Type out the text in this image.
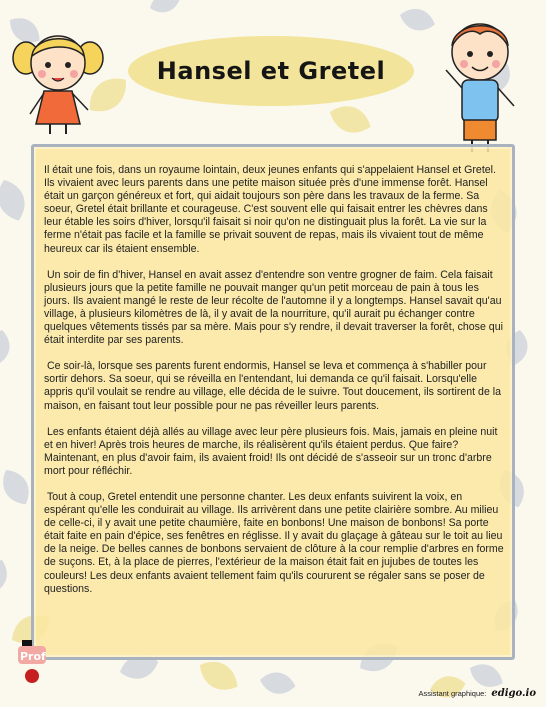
Hansel et Gretel

Il était une fois, dans un royaume lointain, deux jeunes enfants qui s'appelaient Hansel et Gretel. Ils vivaient avec leurs parents dans une petite maison située près d'une immense forêt. Hansel était un garçon généreux et fort, qui aidait toujours son père dans les travaux de la ferme. Sa soeur, Gretel était brillante et courageuse. C'est souvent elle qui faisait entrer les chèvres dans leur étable les soirs d'hiver, lorsqu'il faisait si noir qu'on ne distinguait plus la forêt. La vie sur la ferme n'était pas facile et la famille se privait souvent de repas, mais ils vivaient tout de même heureux car ils étaient ensemble.

Un soir de fin d'hiver, Hansel en avait assez d'entendre son ventre grogner de faim. Cela faisait plusieurs jours que la petite famille ne pouvait manger qu'un petit morceau de pain à tous les jours. Ils avaient mangé le reste de leur récolte de l'automne il y a longtemps. Hansel savait qu'au village, à plusieurs kilomètres de là, il y avait de la nourriture, qu'il aurait pu échanger contre quelques vêtements tissés par sa mère. Mais pour s'y rendre, il devait traverser la forêt, chose qui était interdite par ses parents.

Ce soir-là, lorsque ses parents furent endormis, Hansel se leva et commença à s'habiller pour sortir dehors. Sa soeur, qui se réveilla en l'entendant, lui demanda ce qu'il faisait. Lorsqu'elle appris qu'il voulait se rendre au village, elle décida de le suivre. Tout doucement, ils sortirent de la maison, en faisant tout leur possible pour ne pas réveiller leurs parents.

Les enfants étaient déjà allés au village avec leur père plusieurs fois. Mais, jamais en pleine nuit et en hiver! Après trois heures de marche, ils réalisèrent qu'ils étaient perdus. Que faire? Maintenant, en plus d'avoir faim, ils avaient froid! Ils ont décidé de s'asseoir sur un tronc d'arbre mort pour réfléchir.

Tout à coup, Gretel entendit une personne chanter. Les deux enfants suivirent la voix, en espérant qu'elle les conduirait au village. Ils arrivèrent dans une petite clairière sombre. Au milieu de celle-ci, il y avait une petite chaumière, faite en bonbons! Une maison de bonbons! Sa porte était faite en pain d'épice, ses fenêtres en réglisse. Il y avait du glaçage à gâteau sur le toit au lieu de la neige. De belles cannes de bonbons servaient de clôture à la cour remplie d'arbres en forme de suçons. Et, à la place de pierres, l'extérieur de la maison était fait en jujubes de toutes les couleurs! Les deux enfants avaient tellement faim qu'ils coururent se régaler sans se poser de questions.

Prof
Assistant graphique: edigo.io
